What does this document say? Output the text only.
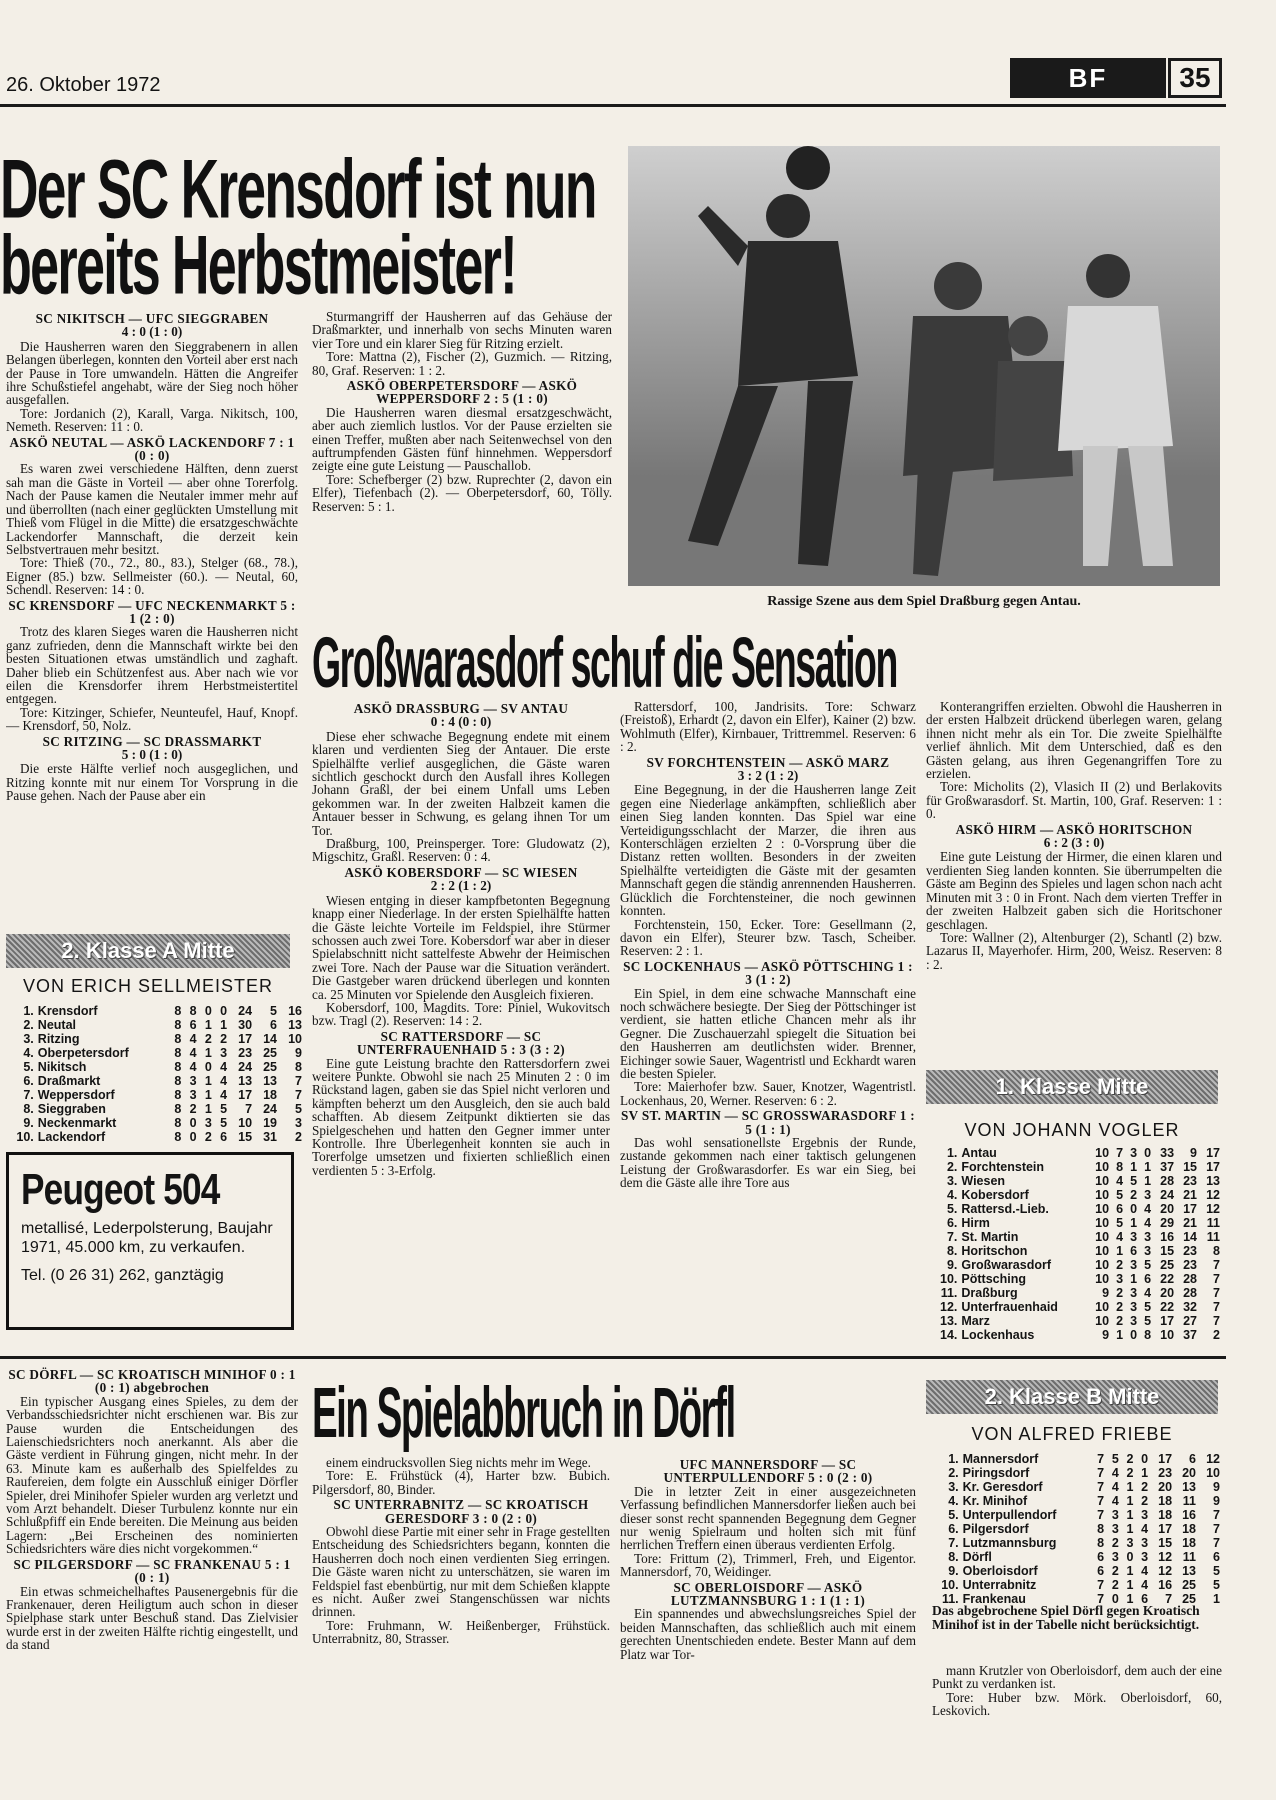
26. Oktober 1972	BF	35
Der SC Krensdorf ist nun
bereits Herbstmeister!
Rassige Szene aus dem Spiel Draßburg gegen Antau.

SC NIKITSCH — UFC SIEGGRABEN

4 : 0 (1 : 0)

Die Hausherren waren den Sieggrabenern in allen Belangen überlegen, konnten den Vorteil aber erst nach der Pause in Tore umwandeln. Hätten die Angreifer ihre Schußstiefel angehabt, wäre der Sieg noch höher ausgefallen.

Tore: Jordanich (2), Karall, Varga. Nikitsch, 100, Nemeth. Reserven: 11 : 0.

ASKÖ NEUTAL — ASKÖ LACKENDORF 7 : 1 (0 : 0)

Es waren zwei verschiedene Hälften, denn zuerst sah man die Gäste in Vorteil — aber ohne Torerfolg. Nach der Pause kamen die Neutaler immer mehr auf und überrollten (nach einer geglückten Umstellung mit Thieß vom Flügel in die Mitte) die ersatzgeschwächte Lackendorfer Mannschaft, die derzeit kein Selbstvertrauen mehr besitzt.

Tore: Thieß (70., 72., 80., 83.), Stelger (68., 78.), Eigner (85.) bzw. Sellmeister (60.). — Neutal, 60, Schendl. Reserven: 14 : 0.

SC KRENSDORF — UFC NECKENMARKT 5 : 1 (2 : 0)

Trotz des klaren Sieges waren die Hausherren nicht ganz zufrieden, denn die Mannschaft wirkte bei den besten Situationen etwas umständlich und zaghaft. Daher blieb ein Schützenfest aus. Aber nach wie vor eilen die Krensdorfer ihrem Herbstmeistertitel entgegen.

Tore: Kitzinger, Schiefer, Neunteufel, Hauf, Knopf. — Krensdorf, 50, Nolz.

SC RITZING — SC DRASSMARKT

5 : 0 (1 : 0)

Die erste Hälfte verlief noch ausgeglichen, und Ritzing konnte mit nur einem Tor Vorsprung in die Pause gehen. Nach der Pause aber ein

Sturmangriff der Hausherren auf das Gehäuse der Draßmarkter, und innerhalb von sechs Minuten waren vier Tore und ein klarer Sieg für Ritzing erzielt.

Tore: Mattna (2), Fischer (2), Guzmich. — Ritzing, 80, Graf. Reserven: 1 : 2.

ASKÖ OBERPETERSDORF — ASKÖ WEPPERSDORF 2 : 5 (1 : 0)

Die Hausherren waren diesmal ersatzgeschwächt, aber auch ziemlich lustlos. Vor der Pause erzielten sie einen Treffer, mußten aber nach Seitenwechsel von den auftrumpfenden Gästen fünf hinnehmen. Weppersdorf zeigte eine gute Leistung — Pauschallob.

Tore: Schefberger (2) bzw. Ruprechter (2, davon ein Elfer), Tiefenbach (2). — Oberpetersdorf, 60, Tölly. Reserven: 5 : 1.

Großwarasdorf schuf die Sensation

ASKÖ DRASSBURG — SV ANTAU

0 : 4 (0 : 0)

Diese eher schwache Begegnung endete mit einem klaren und verdienten Sieg der Antauer. Die erste Spielhälfte verlief ausgeglichen, die Gäste waren sichtlich geschockt durch den Ausfall ihres Kollegen Johann Graßl, der bei einem Unfall ums Leben gekommen war. In der zweiten Halbzeit kamen die Antauer besser in Schwung, es gelang ihnen Tor um Tor.

Draßburg, 100, Preinsperger. Tore: Gludowatz (2), Migschitz, Graßl. Reserven: 0 : 4.

ASKÖ KOBERSDORF — SC WIESEN

2 : 2 (1 : 2)

Wiesen entging in dieser kampfbetonten Begegnung knapp einer Niederlage. In der ersten Spielhälfte hatten die Gäste leichte Vorteile im Feldspiel, ihre Stürmer schossen auch zwei Tore. Kobersdorf war aber in dieser Spielabschnitt nicht sattelfeste Abwehr der Heimischen zwei Tore. Nach der Pause war die Situation verändert. Die Gastgeber waren drückend überlegen und konnten ca. 25 Minuten vor Spielende den Ausgleich fixieren.

Kobersdorf, 100, Magdits. Tore: Piniel, Wukovitsch bzw. Tragl (2). Reserven: 14 : 2.

SC RATTERSDORF — SC UNTERFRAUENHAID 5 : 3 (3 : 2)

Eine gute Leistung brachte den Rattersdorfern zwei weitere Punkte. Obwohl sie nach 25 Minuten 2 : 0 im Rückstand lagen, gaben sie das Spiel nicht verloren und kämpften beherzt um den Ausgleich, den sie auch bald schafften. Ab diesem Zeitpunkt diktierten sie das Spielgeschehen und hatten den Gegner immer unter Kontrolle. Ihre Überlegenheit konnten sie auch in Torerfolge umsetzen und fixierten schließlich einen verdienten 5 : 3-Erfolg.

Rattersdorf, 100, Jandrisits. Tore: Schwarz (Freistoß), Erhardt (2, davon ein Elfer), Kainer (2) bzw. Wohlmuth (Elfer), Kirnbauer, Trittremmel. Reserven: 6 : 2.

SV FORCHTENSTEIN — ASKÖ MARZ

3 : 2 (1 : 2)

Eine Begegnung, in der die Hausherren lange Zeit gegen eine Niederlage ankämpften, schließlich aber einen Sieg landen konnten. Das Spiel war eine Verteidigungsschlacht der Marzer, die ihren aus Konterschlägen erzielten 2 : 0-Vorsprung über die Distanz retten wollten. Besonders in der zweiten Spielhälfte verteidigten die Gäste mit der gesamten Mannschaft gegen die ständig anrennenden Hausherren. Glücklich die Forchtensteiner, die noch gewinnen konnten.

Forchtenstein, 150, Ecker. Tore: Gesellmann (2, davon ein Elfer), Steurer bzw. Tasch, Scheiber. Reserven: 2 : 1.

SC LOCKENHAUS — ASKÖ PÖTTSCHING 1 : 3 (1 : 2)

Ein Spiel, in dem eine schwache Mannschaft eine noch schwächere besiegte. Der Sieg der Pöttschinger ist verdient, sie hatten etliche Chancen mehr als ihr Gegner. Die Zuschauerzahl spiegelt die Situation bei den Hausherren am deutlichsten wider. Brenner, Eichinger sowie Sauer, Wagentristl und Eckhardt waren die besten Spieler.

Tore: Maierhofer bzw. Sauer, Knotzer, Wagentristl. Lockenhaus, 20, Werner. Reserven: 6 : 2.

SV ST. MARTIN — SC GROSSWARASDORF 1 : 5 (1 : 1)

Das wohl sensationellste Ergebnis der Runde, zustande gekommen nach einer taktisch gelungenen Leistung der Großwarasdorfer. Es war ein Sieg, bei dem die Gäste alle ihre Tore aus

Konterangriffen erzielten. Obwohl die Hausherren in der ersten Halbzeit drückend überlegen waren, gelang ihnen nicht mehr als ein Tor. Die zweite Spielhälfte verlief ähnlich. Mit dem Unterschied, daß es den Gästen gelang, aus ihren Gegenangriffen Tore zu erzielen.

Tore: Micholits (2), Vlasich II (2) und Berlakovits für Großwarasdorf. St. Martin, 100, Graf. Reserven: 1 : 0.

ASKÖ HIRM — ASKÖ HORITSCHON

6 : 2 (3 : 0)

Eine gute Leistung der Hirmer, die einen klaren und verdienten Sieg landen konnten. Sie überrumpelten die Gäste am Beginn des Spieles und lagen schon nach acht Minuten mit 3 : 0 in Front. Nach dem vierten Treffer in der zweiten Halbzeit gaben sich die Horitschoner geschlagen.

Tore: Wallner (2), Altenburger (2), Schantl (2) bzw. Lazarus II, Mayerhofer. Hirm, 200, Weisz. Reserven: 8 : 2.

2. Klasse A Mitte
VON ERICH SELLMEISTER
1.	Krensdorf	8	8	0	0	24	5	16
2.	Neutal	8	6	1	1	30	6	13
3.	Ritzing	8	4	2	2	17	14	10
4.	Oberpetersdorf	8	4	1	3	23	25	9
5.	Nikitsch	8	4	0	4	24	25	8
6.	Draßmarkt	8	3	1	4	13	13	7
7.	Weppersdorf	8	3	1	4	17	18	7
8.	Sieggraben	8	2	1	5	7	24	5
9.	Neckenmarkt	8	0	3	5	10	19	3
10.	Lackendorf	8	0	2	6	15	31	2
Peugeot 504
metallisé, Lederpolsterung, Baujahr 1971, 45.000 km, zu verkaufen.
Tel. (0 26 31) 262, ganztägig
1. Klasse Mitte
VON JOHANN VOGLER
1.	Antau	10	7	3	0	33	9	17
2.	Forchtenstein	10	8	1	1	37	15	17
3.	Wiesen	10	4	5	1	28	23	13
4.	Kobersdorf	10	5	2	3	24	21	12
5.	Rattersd.-Lieb.	10	6	0	4	20	17	12
6.	Hirm	10	5	1	4	29	21	11
7.	St. Martin	10	4	3	3	16	14	11
8.	Horitschon	10	1	6	3	15	23	8
9.	Großwarasdorf	10	2	3	5	25	23	7
10.	Pöttsching	10	3	1	6	22	28	7
11.	Draßburg	9	2	3	4	20	28	7
12.	Unterfrauenhaid	10	2	3	5	22	32	7
13.	Marz	10	2	3	5	17	27	7
14.	Lockenhaus	9	1	0	8	10	37	2

SC DÖRFL — SC KROATISCH MINIHOF 0 : 1 (0 : 1) abgebrochen

Ein typischer Ausgang eines Spieles, zu dem der Verbandsschiedsrichter nicht erschienen war. Bis zur Pause wurden die Entscheidungen des Laienschiedsrichters noch anerkannt. Als aber die Gäste verdient in Führung gingen, nicht mehr. In der 63. Minute kam es außerhalb des Spielfeldes zu Raufereien, dem folgte ein Ausschluß einiger Dörfler Spieler, drei Minihofer Spieler wurden arg verletzt und vom Arzt behandelt. Dieser Turbulenz konnte nur ein Schlußpfiff ein Ende bereiten. Die Meinung aus beiden Lagern: „Bei Erscheinen des nominierten Schiedsrichters wäre dies nicht vorgekommen.“

SC PILGERSDORF — SC FRANKENAU 5 : 1 (0 : 1)

Ein etwas schmeichelhaftes Pausenergebnis für die Frankenauer, deren Heiligtum auch schon in dieser Spielphase stark unter Beschuß stand. Das Zielvisier wurde erst in der zweiten Hälfte richtig eingestellt, und da stand

Ein Spielabbruch in Dörfl

einem eindrucksvollen Sieg nichts mehr im Wege.

Tore: E. Frühstück (4), Harter bzw. Bubich. Pilgersdorf, 80, Binder.

SC UNTERRABNITZ — SC KROATISCH GERESDORF 3 : 0 (2 : 0)

Obwohl diese Partie mit einer sehr in Frage gestellten Entscheidung des Schiedsrichters begann, konnten die Hausherren doch noch einen verdienten Sieg erringen. Die Gäste waren nicht zu unterschätzen, sie waren im Feldspiel fast ebenbürtig, nur mit dem Schießen klappte es nicht. Außer zwei Stangenschüssen war nichts drinnen.

Tore: Fruhmann, W. Heißenberger, Frühstück. Unterrabnitz, 80, Strasser.

UFC MANNERSDORF — SC UNTERPULLENDORF 5 : 0 (2 : 0)

Die in letzter Zeit in einer ausgezeichneten Verfassung befindlichen Mannersdorfer ließen auch bei dieser sonst recht spannenden Begegnung dem Gegner nur wenig Spielraum und holten sich mit fünf herrlichen Treffern einen überaus verdienten Erfolg.

Tore: Frittum (2), Trimmerl, Freh, und Eigentor. Mannersdorf, 70, Weidinger.

SC OBERLOISDORF — ASKÖ LUTZMANNSBURG 1 : 1 (1 : 1)

Ein spannendes und abwechslungsreiches Spiel der beiden Mannschaften, das schließlich auch mit einem gerechten Unentschieden endete. Bester Mann auf dem Platz war Tor-

2. Klasse B Mitte
VON ALFRED FRIEBE
1.	Mannersdorf	7	5	2	0	17	6	12
2.	Piringsdorf	7	4	2	1	23	20	10
3.	Kr. Geresdorf	7	4	1	2	20	13	9
4.	Kr. Minihof	7	4	1	2	18	11	9
5.	Unterpullendorf	7	3	1	3	18	16	7
6.	Pilgersdorf	8	3	1	4	17	18	7
7.	Lutzmannsburg	8	2	3	3	15	18	7
8.	Dörfl	6	3	0	3	12	11	6
9.	Oberloisdorf	6	2	1	4	12	13	5
10.	Unterrabnitz	7	2	1	4	16	25	5
11.	Frankenau	7	0	1	6	7	25	1
Das abgebrochene Spiel Dörfl gegen Kroatisch Minihof ist in der Tabelle nicht berücksichtigt.

mann Krutzler von Oberloisdorf, dem auch der eine Punkt zu verdanken ist.

Tore: Huber bzw. Mörk. Oberloisdorf, 60, Leskovich.
